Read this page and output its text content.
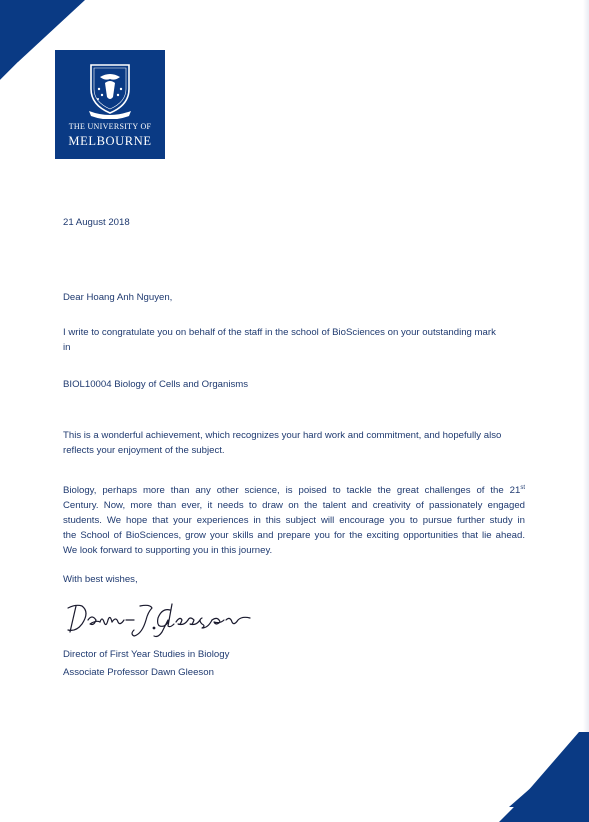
THE UNIVERSITY OF
MELBOURNE
21 August 2018
Dear Hoang Anh Nguyen,
I write to congratulate you on behalf of the staff in the school of BioSciences on your outstanding mark
in
BIOL10004 Biology of Cells and Organisms
This is a wonderful achievement, which recognizes your hard work and commitment, and hopefully also
reflects your enjoyment of the subject.
Biology, perhaps more than any other science, is poised to tackle the great challenges of the 21st
Century. Now, more than ever, it needs to draw on the talent and creativity of passionately engaged
students. We hope that your experiences in this subject will encourage you to pursue further study in
the School of BioSciences, grow your skills and prepare you for the exciting opportunities that lie ahead.
We look forward to supporting you in this journey.
With best wishes,
Director of First Year Studies in Biology
Associate Professor Dawn Gleeson
